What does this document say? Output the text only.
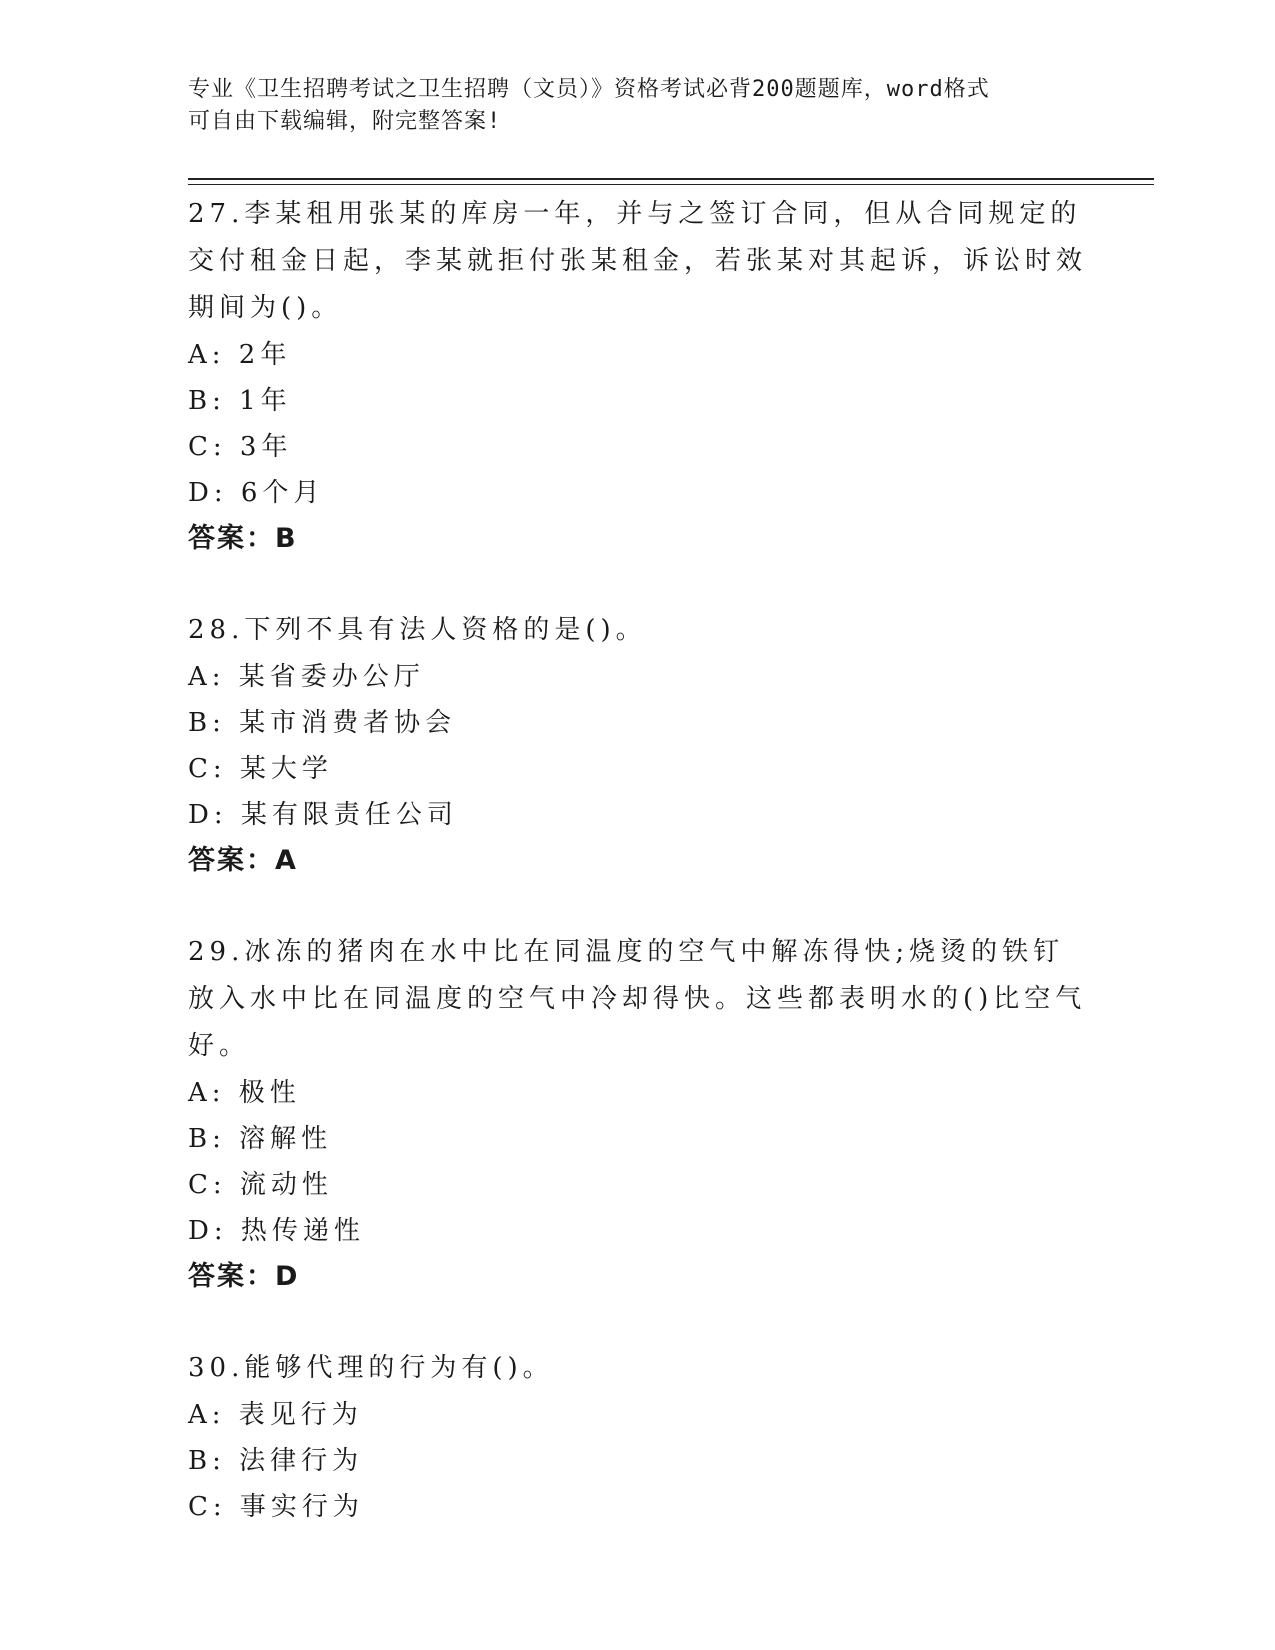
专业《卫生招聘考试之卫生招聘（文员）》资格考试必背200题题库，word格式

可自由下载编辑，附完整答案!

27.李某租用张某的库房一年，并与之签订合同，但从合同规定的交付租金日起，李某就拒付张某租金，若张某对其起诉，诉讼时效期间为()。

A: 2年

B: 1年

C: 3年

D: 6个月

答案：B

28.下列不具有法人资格的是()。

A: 某省委办公厅

B: 某市消费者协会

C: 某大学

D: 某有限责任公司

答案：A

29.冰冻的猪肉在水中比在同温度的空气中解冻得快;烧烫的铁钉放入水中比在同温度的空气中冷却得快。这些都表明水的()比空气好。

A: 极性

B: 溶解性

C: 流动性

D: 热传递性

答案：D

30.能够代理的行为有()。

A: 表见行为

B: 法律行为

C: 事实行为
